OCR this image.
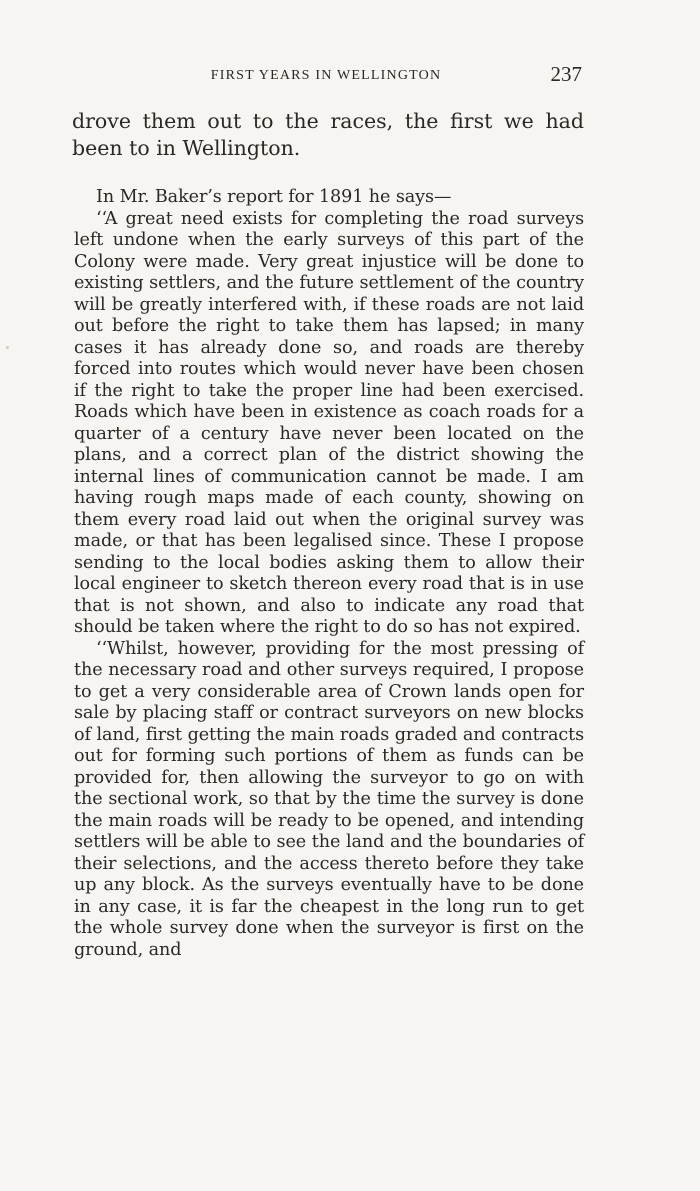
FIRST YEARS IN WELLINGTON	237

drove them out to the races, the first we had been to in Wellington.

In Mr. Baker’s report for 1891 he says—

‘‘A great need exists for completing the road surveys left undone when the early surveys of this part of the Colony were made. Very great injustice will be done to existing settlers, and the future settlement of the country will be greatly interfered with, if these roads are not laid out before the right to take them has lapsed; in many cases it has already done so, and roads are thereby forced into routes which would never have been chosen if the right to take the proper line had been exercised. Roads which have been in existence as coach roads for a quarter of a century have never been located on the plans, and a correct plan of the district showing the internal lines of communication cannot be made. I am having rough maps made of each county, showing on them every road laid out when the original survey was made, or that has been legalised since. These I propose sending to the local bodies asking them to allow their local engineer to sketch thereon every road that is in use that is not shown, and also to indicate any road that should be taken where the right to do so has not expired.

‘‘Whilst, however, providing for the most pressing of the necessary road and other surveys required, I propose to get a very considerable area of Crown lands open for sale by placing staff or contract surveyors on new blocks of land, first getting the main roads graded and contracts out for forming such portions of them as funds can be provided for, then allowing the surveyor to go on with the sectional work, so that by the time the survey is done the main roads will be ready to be opened, and intending settlers will be able to see the land and the boundaries of their selections, and the access thereto before they take up any block. As the surveys eventually have to be done in any case, it is far the cheapest in the long run to get the whole survey done when the surveyor is first on the ground, and
